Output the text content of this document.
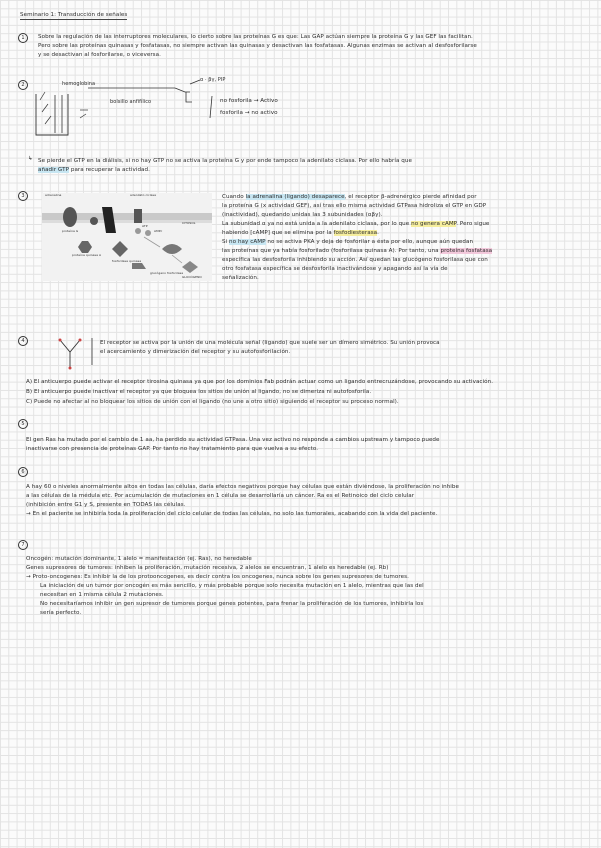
Seminario 1: Transducción de señales
1	Sobre la regulación de las interruptores moleculares, lo cierto sobre las proteínas G es que: Las GAP actúan siempre la proteína G y las GEF las facilitan.
Pero sobre las proteínas quinasas y fosfatasas, no siempre activan las quinasas y desactivan las fosfatasas. Algunas enzimas se activan al desfosforilarse
y se desactivan al fosforilarse, o viceversa.
2	hemoglobina
bolsillo anfifílico
α · βγ, PIP
no fosforila → Activo
fosforila → no activo
↳ Se pierde el GTP en la diálisis, si no hay GTP no se activa la proteína G y por ende tampoco la adenilato ciclasa. Por ello habría que
añadir GTP para recuperar la actividad.
3	adrenalina	adenilato ciclasa
proteína G
ATP
AMPc
CITOSOL
proteína quinasa A
fosforilasa quinasa
glucógeno fosforilasa
GLUCÓGENO
Cuando la adrenalina (ligando) desaparece, el receptor β-adrenérgico pierde afinidad por
la proteína G (x actividad GEF), así tras ello misma actividad GTPasa hidroliza el GTP en GDP
(inactividad), quedando unidas las 3 subunidades (αβγ).
La subunidad α ya no está unida a la adenilato ciclasa, por lo que no genera cAMP. Pero sigue
habiendo [cAMP] que se elimina por la fosfodiesterasa.
Si no hay cAMP no se activa PKA y deja de fosforilar a ésta por ello, aunque aún quedan
las proteínas que ya había fosforilado (fosforilasa quinasa A). Por tanto, una proteína fosfatasa
específica las desfosforila inhibiendo su acción. Así quedan las glucógeno fosforilasa que con
otro fosfatasa específica se desfosforila inactivándose y apagando así la vía de
señalización.
4	El receptor se activa por la unión de una molécula señal (ligando) que suele ser un dímero simétrico. Su unión provoca
el acercamiento y dimerización del receptor y su autofosforilación.
A) El anticuerpo puede activar el receptor tirosina quinasa ya que por los dominios Fab podrán actuar como un ligando entrecruzándose, provocando su activación.
B) El anticuerpo puede inactivar el receptor ya que bloquea los sitios de unión al ligando, no se dimeriza ni autofosforila.
C) Puede no afectar al no bloquear los sitios de unión con el ligando (no une a otro sitio) siguiendo el receptor su proceso normal).
5
El gen Ras ha mutado por el cambio de 1 aa, ha perdido su actividad GTPasa. Una vez activo no responde a cambios upstream y tampoco puede
inactivarse con presencia de proteínas GAP. Por tanto no hay tratamiento para que vuelva a su efecto.
6
A hay 60 o niveles anormalmente altos en todas las células, daría efectos negativos porque hay células que están diviéndose, la proliferación no inhibe
a las células de la médula etc. Por acumulación de mutaciones en 1 célula se desarrollaría un cáncer. Ra es el Retinoico del ciclo celular
(inhibición entre G1 y S, presente en TODAS las células.
→ En el paciente se inhibiría toda la proliferación del ciclo celular de todas las células, no solo las tumorales, acabando con la vida del paciente.
7
Oncogén: mutación dominante, 1 alelo = manifestación (ej. Ras), no heredable
Genes supresores de tumores: inhiben la proliferación, mutación recesiva, 2 alelos se encuentran, 1 alelo es heredable (ej. Rb)
→ Proto-oncogenes: Es inhibir la de los protooncogenes, es decir contra los oncogenes, nunca sobre los genes supresores de tumores.
La iniciación de un tumor por oncogén es más sencillo, y más probable porque solo necesita mutación en 1 alelo, mientras que las del
necesitan en 1 misma célula 2 mutaciones.
No necesitaríamos inhibir un gen supresor de tumores porque genes potentes, para frenar la proliferación de los tumores, inhibirla los
sería perfecto.
